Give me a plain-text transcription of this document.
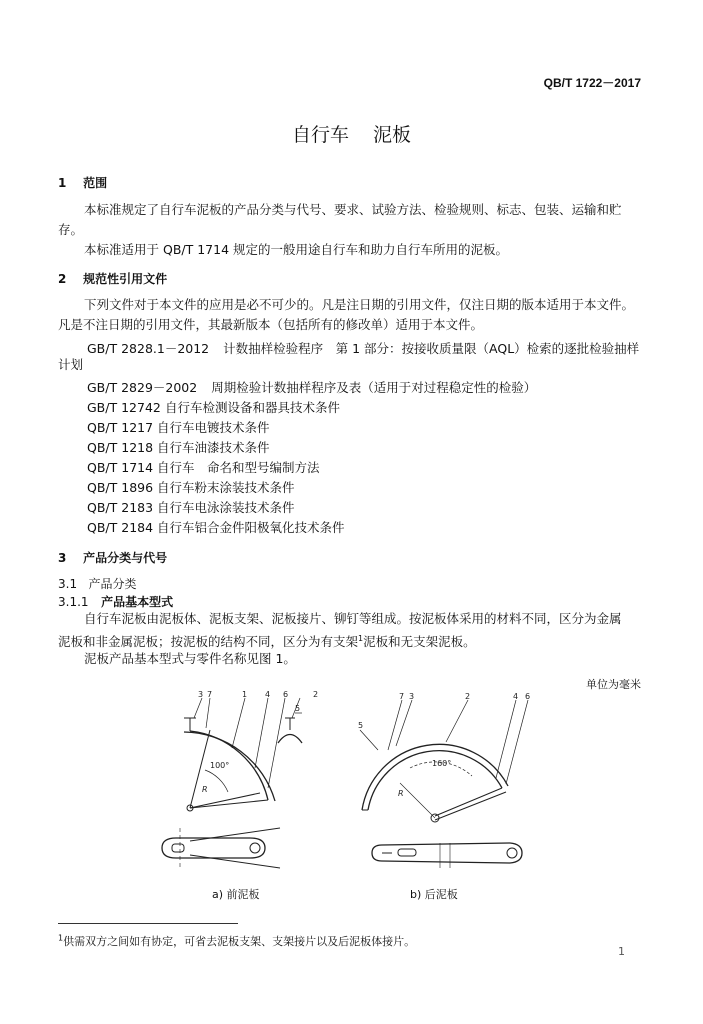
QB/T 1722－2017
自行车 泥板
1 范围
本标准规定了自行车泥板的产品分类与代号、要求、试验方法、检验规则、标志、包装、运输和贮
存。
本标准适用于 QB/T 1714 规定的一般用途自行车和助力自行车所用的泥板。
2 规范性引用文件
下列文件对于本文件的应用是必不可少的。凡是注日期的引用文件，仅注日期的版本适用于本文件。
凡是不注日期的引用文件，其最新版本（包括所有的修改单）适用于本文件。
GB/T 2828.1－2012 计数抽样检验程序　第 1 部分：按接收质量限（AQL）检索的逐批检验抽样
计划
GB/T 2829－2002 周期检验计数抽样程序及表（适用于对过程稳定性的检验）
GB/T 12742 自行车检测设备和器具技术条件
QB/T 1217 自行车电镀技术条件
QB/T 1218 自行车油漆技术条件
QB/T 1714 自行车　命名和型号编制方法
QB/T 1896 自行车粉末涂装技术条件
QB/T 2183 自行车电泳涂装技术条件
QB/T 2184 自行车铝合金件阳极氧化技术条件
3 产品分类与代号
3.1 产品分类
3.1.1 产品基本型式
自行车泥板由泥板体、泥板支架、泥板接片、铆钉等组成。按泥板体采用的材料不同，区分为金属
泥板和非金属泥板；按泥板的结构不同，区分为有支架$^1$泥板和无支架泥板。
泥板产品基本型式与零件名称见图 1。
单位为毫米
3 7	1 4 6
5
2
100°
R
5
7	2	4 6
3
160°
R
a) 前泥板	b) 后泥板
$^1$供需双方之间如有协定，可省去泥板支架、支架接片以及后泥板体接片。
1
